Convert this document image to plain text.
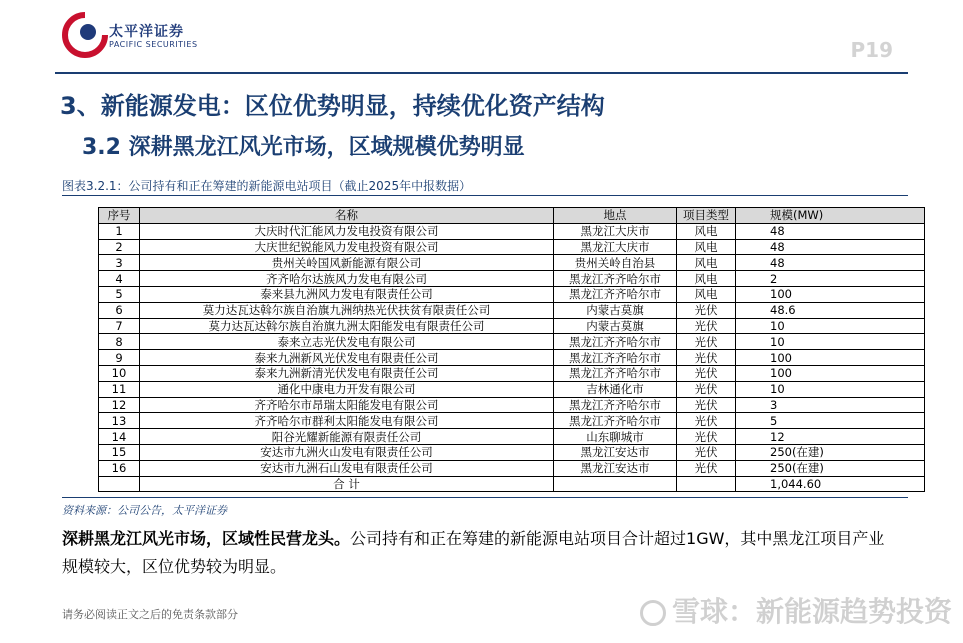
太平洋证券
PACIFIC SECURITIES	P19
3、新能源发电：区位优势明显，持续优化资产结构
3.2 深耕黑龙江风光市场，区域规模优势明显
图表3.2.1：公司持有和正在筹建的新能源电站项目（截止2025年中报数据）
序号	名称	地点	项目类型	规模(MW)
1	大庆时代汇能风力发电投资有限公司	黑龙江大庆市	风电	48
2	大庆世纪锐能风力发电投资有限公司	黑龙江大庆市	风电	48
3	贵州关岭国风新能源有限公司	贵州关岭自治县	风电	48
4	齐齐哈尔达族风力发电有限公司	黑龙江齐齐哈尔市	风电	2
5	泰来县九洲风力发电有限责任公司	黑龙江齐齐哈尔市	风电	100
6	莫力达瓦达斡尔族自治旗九洲纳热光伏扶贫有限责任公司	内蒙古莫旗	光伏	48.6
7	莫力达瓦达斡尔族自治旗九洲太阳能发电有限责任公司	内蒙古莫旗	光伏	10
8	泰来立志光伏发电有限公司	黑龙江齐齐哈尔市	光伏	10
9	泰来九洲新风光伏发电有限责任公司	黑龙江齐齐哈尔市	光伏	100
10	泰来九洲新清光伏发电有限责任公司	黑龙江齐齐哈尔市	光伏	100
11	通化中康电力开发有限公司	吉林通化市	光伏	10
12	齐齐哈尔市昂瑞太阳能发电有限公司	黑龙江齐齐哈尔市	光伏	3
13	齐齐哈尔市群利太阳能发电有限公司	黑龙江齐齐哈尔市	光伏	5
14	阳谷光耀新能源有限责任公司	山东聊城市	光伏	12
15	安达市九洲火山发电有限责任公司	黑龙江安达市	光伏	250(在建)
16	安达市九洲石山发电有限责任公司	黑龙江安达市	光伏	250(在建)
	合 计			1,044.60
资料来源：公司公告，太平洋证券
深耕黑龙江风光市场，区域性民营龙头。公司持有和正在筹建的新能源电站项目合计超过1GW，其中黑龙江项目产业规模较大，区位优势较为明显。
请务必阅读正文之后的免责条款部分	雪球：新能源趋势投资
